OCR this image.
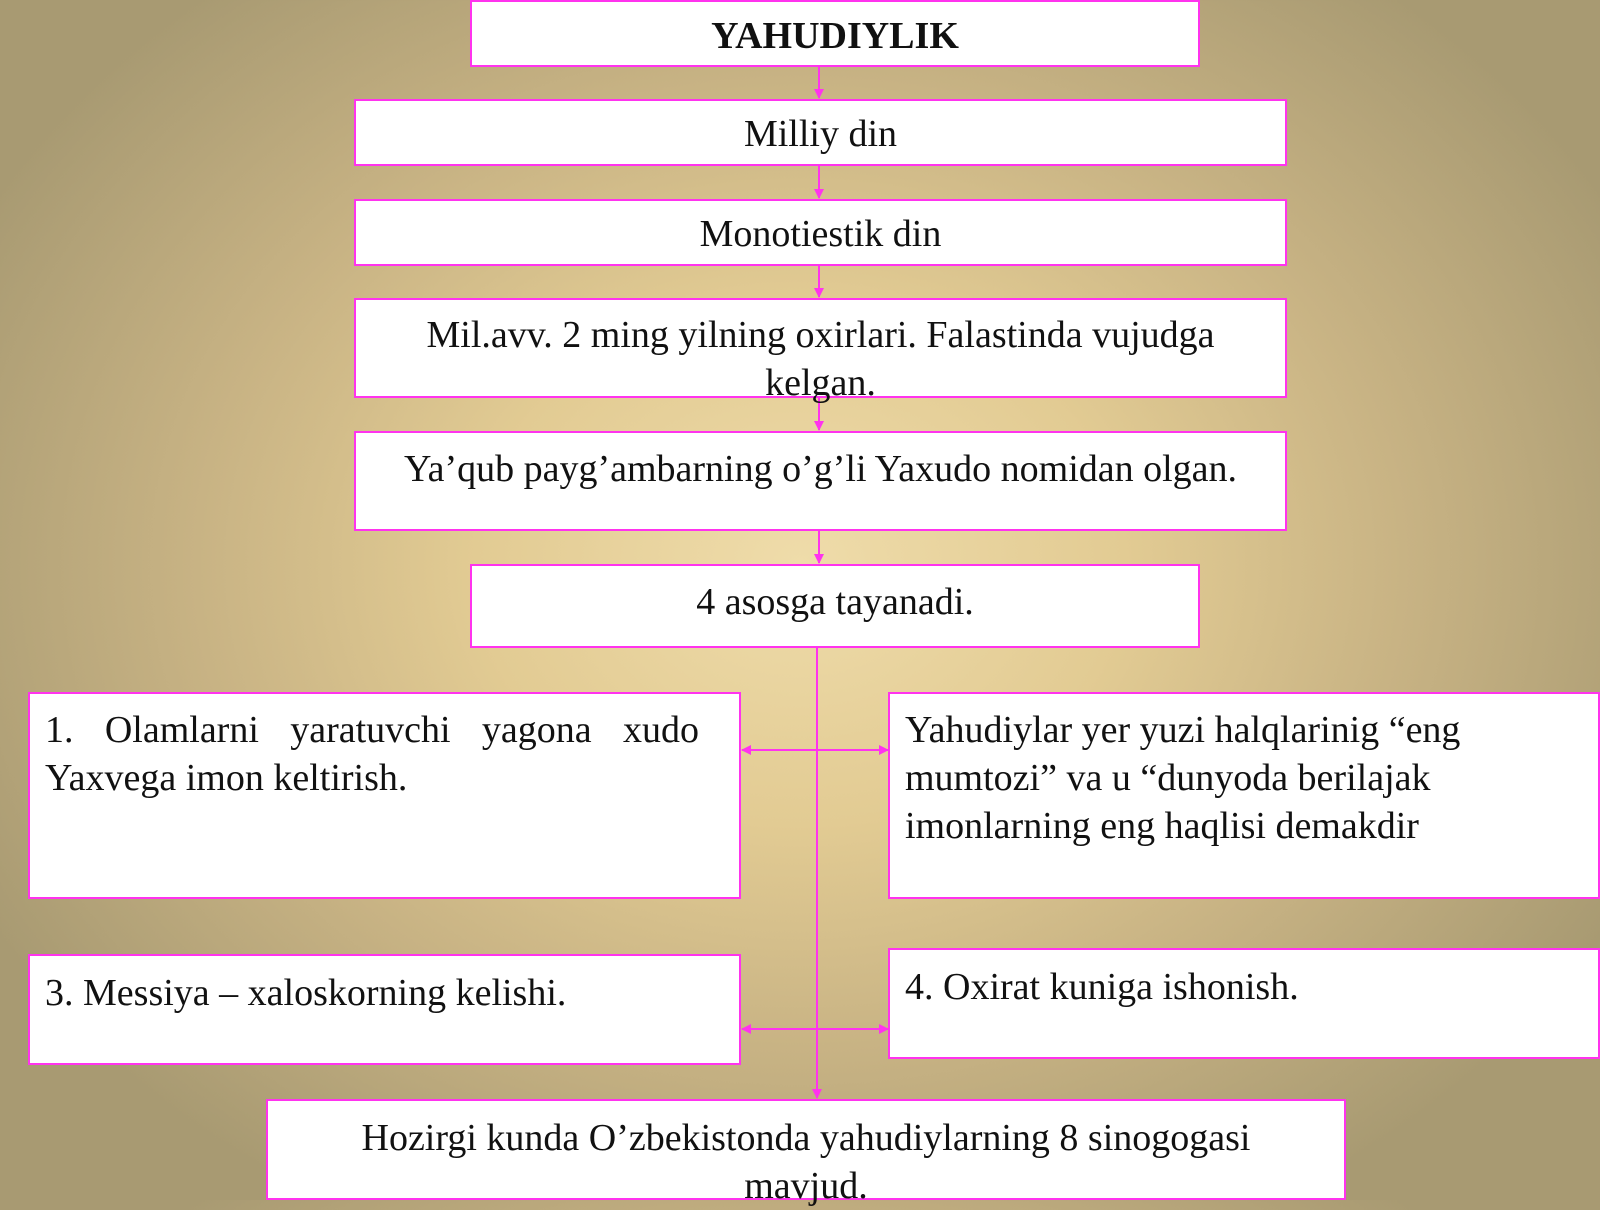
YAHUDIYLIK
Milliy din
Monotiestik din
Mil.avv. 2 ming yilning oxirlari. Falastinda vujudga kelgan.
Ya’qub payg’ambarning o’g’li Yaxudo nomidan olgan.
4 asosga tayanadi.
1. Olamlarni yaratuvchi yagona xudo Yaxvega imon keltirish.
Yahudiylar yer yuzi halqlarinig “eng mumtozi” va u “dunyoda berilajak imonlarning eng haqlisi demakdir
3. Messiya – xaloskorning kelishi.	4. Oxirat kuniga ishonish.
Hozirgi kunda O’zbekistonda yahudiylarning 8 sinogogasi mavjud.
